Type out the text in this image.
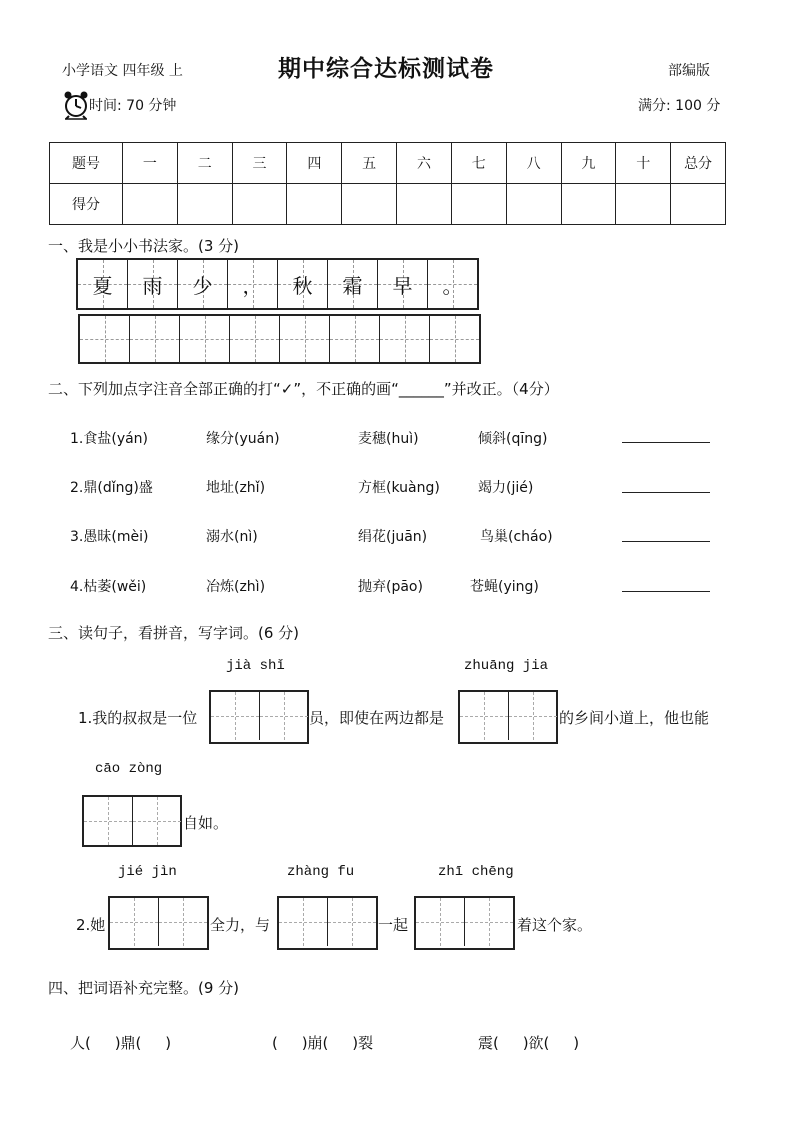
小学语文 四年级 上	期中综合达标测试卷	部编版
时间: 70 分钟	满分: 100 分
题号	一	二	三	四	五	六	七	八	九	十	总分
得分											
一、我是小小书法家。(3 分)
夏 雨 少 ， 秋 霜 早 。
二、下列加点字注音全部正确的打“✓”，不正确的画“______”并改正。（4分）
1.食盐(yán)	缘分(yuán)	麦穗(huì)	倾斜(qīng)
2.鼎(dǐng)盛	地址(zhǐ)	方框(kuàng)	竭力(jié)
3.愚昧(mèi)	溺水(nì)	绢花(juān)	鸟巢(cháo)
4.枯萎(wěi)	冶炼(zhì)	抛弃(pāo)	苍蝇(ying)
三、读句子，看拼音，写字词。(6 分)
jià shǐ	zhuāng jia
1.我的叔叔是一位	员，即使在两边都是	的乡间小道上，他也能
cāo zòng
自如。
jié jìn	zhàng fu	zhī chēng
2.她	全力，与	一起	着这个家。
四、把词语补充完整。(9 分)
人(     )鼎(     )	(     )崩(     )裂	震(     )欲(     )
